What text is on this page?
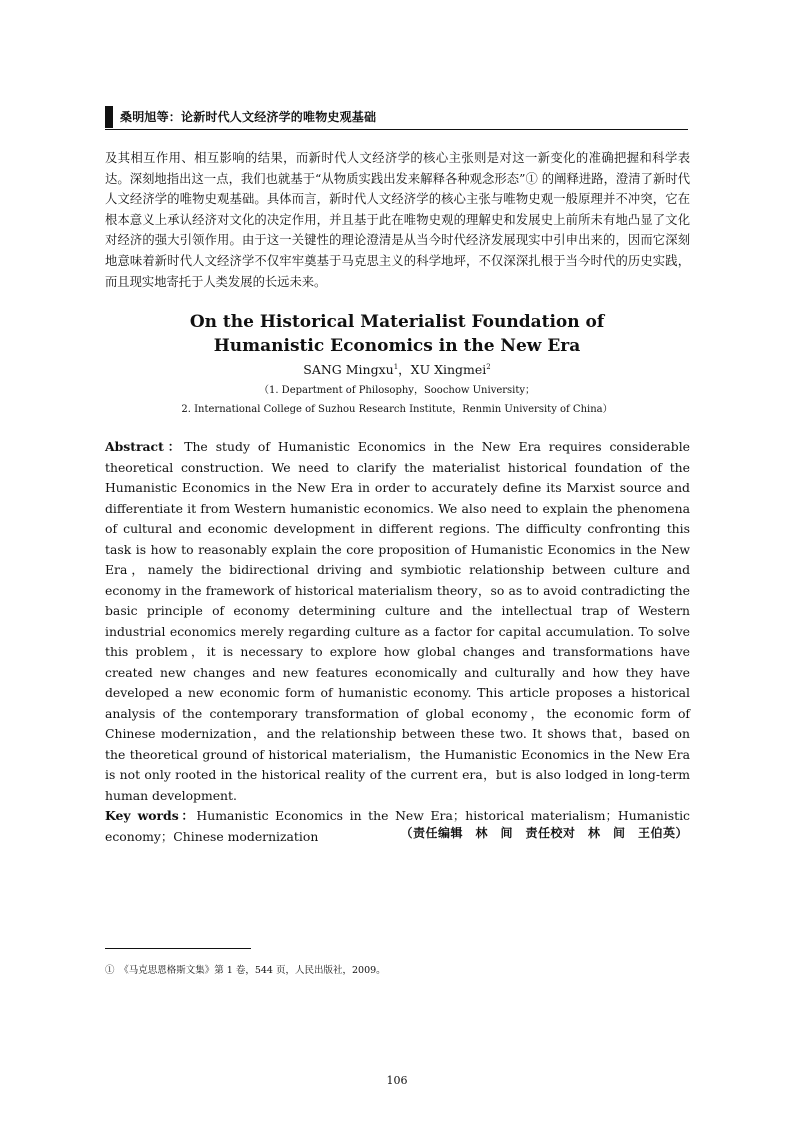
桑明旭等：论新时代人文经济学的唯物史观基础

及其相互作用、相互影响的结果，而新时代人文经济学的核心主张则是对这一新变化的准确把握和科学表达。深刻地指出这一点，我们也就基于“从物质实践出发来解释各种观念形态”① 的阐释进路，澄清了新时代人文经济学的唯物史观基础。具体而言，新时代人文经济学的核心主张与唯物史观一般原理并不冲突，它在根本意义上承认经济对文化的决定作用，并且基于此在唯物史观的理解史和发展史上前所未有地凸显了文化对经济的强大引领作用。由于这一关键性的理论澄清是从当今时代经济发展现实中引申出来的，因而它深刻地意味着新时代人文经济学不仅牢牢奠基于马克思主义的科学地坪，不仅深深扎根于当今时代的历史实践，而且现实地寄托于人类发展的长远未来。

On the Historical Materialist Foundation of

Humanistic Economics in the New Era

SANG Mingxu$^1$，XU Xingmei$^2$

（1. Department of Philosophy，Soochow University；

2. International College of Suzhou Research Institute，Renmin University of China）

Abstract：The study of Humanistic Economics in the New Era requires considerable theoretical construction. We need to clarify the materialist historical foundation of the Humanistic Economics in the New Era in order to accurately define its Marxist source and differentiate it from Western humanistic economics. We also need to explain the phenomena of cultural and economic development in different regions. The difficulty confronting this task is how to reasonably explain the core proposition of Humanistic Economics in the New Era，namely the bidirectional driving and symbiotic relationship between culture and economy in the framework of historical materialism theory，so as to avoid contradicting the basic principle of economy determining culture and the intellectual trap of Western industrial economics merely regarding culture as a factor for capital accumulation. To solve this problem，it is necessary to explore how global changes and transformations have created new changes and new features economically and culturally and how they have developed a new economic form of humanistic economy. This article proposes a historical analysis of the contemporary transformation of global economy，the economic form of Chinese modernization，and the relationship between these two. It shows that，based on the theoretical ground of historical materialism，the Humanistic Economics in the New Era is not only rooted in the historical reality of the current era，but is also lodged in long-term human development.
Key words：Humanistic Economics in the New Era；historical materialism；Humanistic economy；Chinese modernization	（责任编辑　林　间　责任校对　林　间　王伯英）

①　《马克思恩格斯文集》第 1 卷，544 页，人民出版社，2009。

106
